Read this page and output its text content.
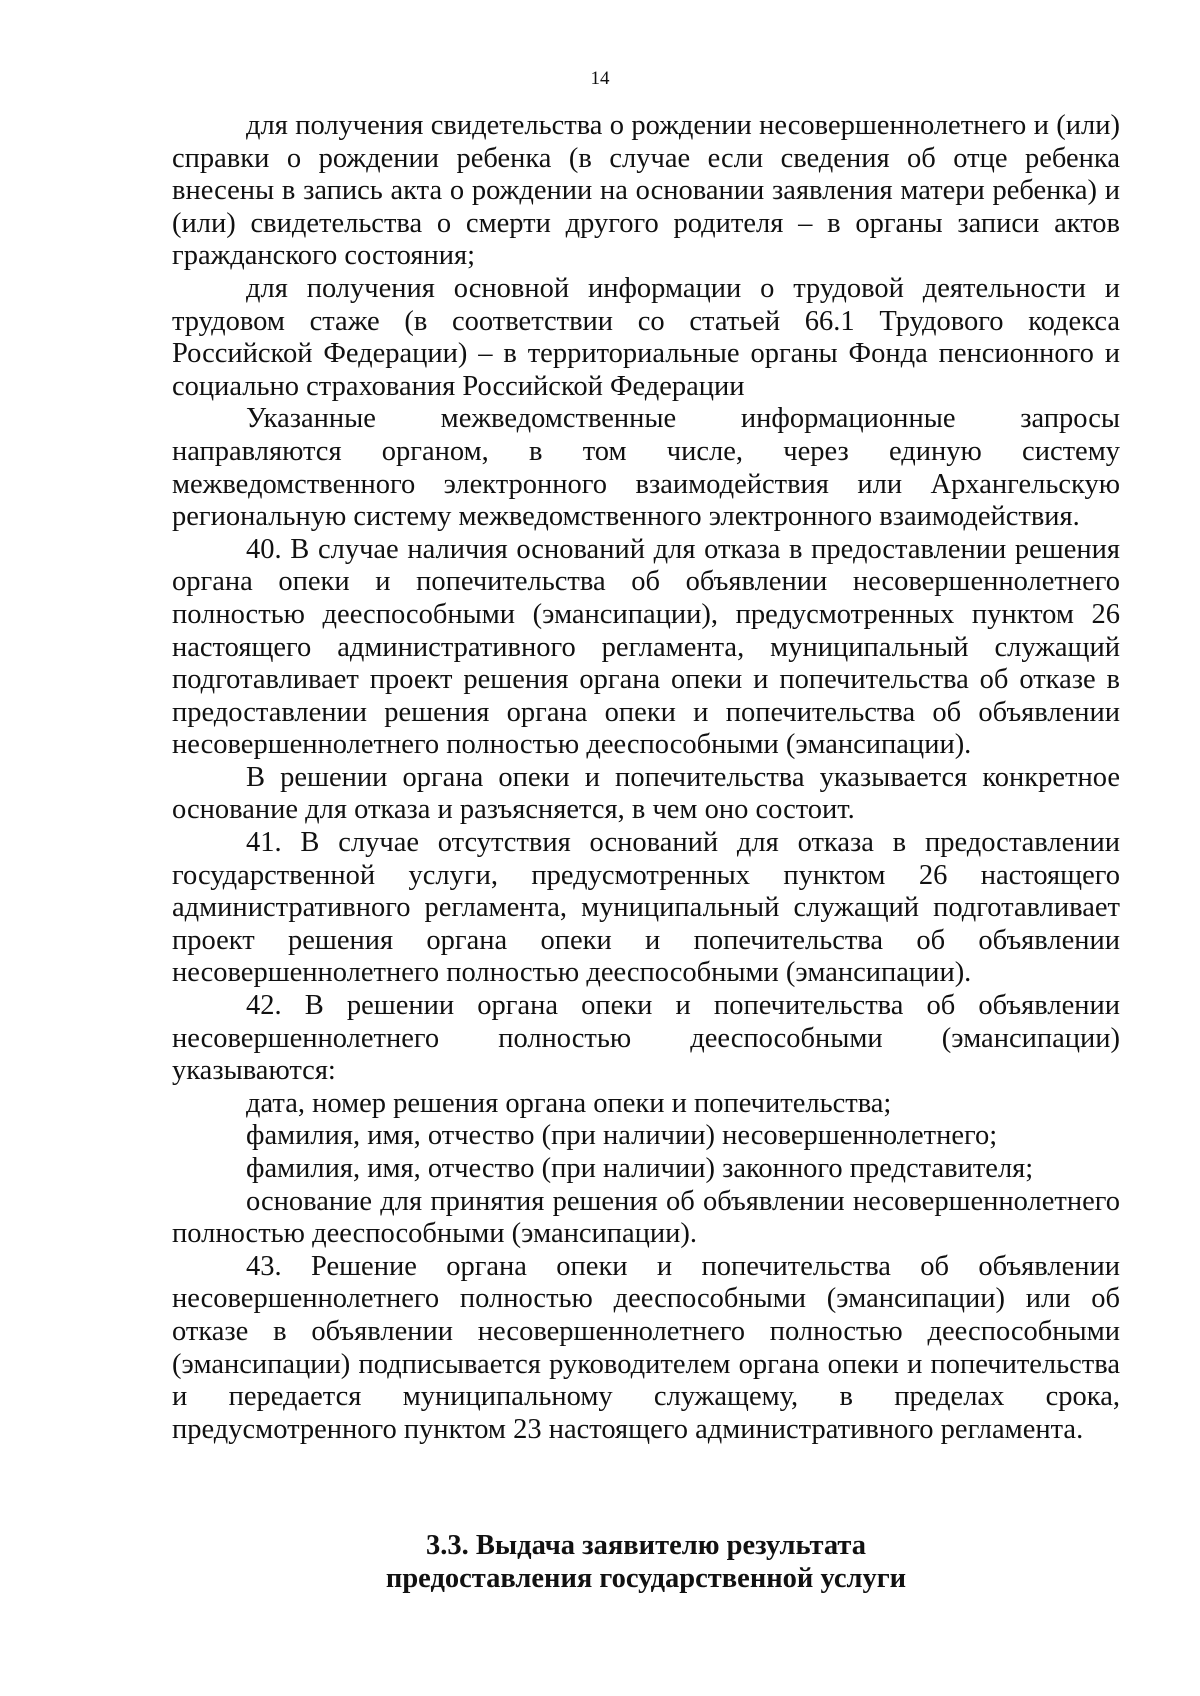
14

для получения свидетельства о рождении несовершеннолетнего и (или) справки о рождении ребенка (в случае если сведения об отце ребенка внесены в запись акта о рождении на основании заявления матери ребенка) и (или) свидетельства о смерти другого родителя – в органы записи актов гражданского состояния;

для получения основной информации о трудовой деятельности и трудовом стаже (в соответствии со статьей 66.1 Трудового кодекса Российской Федерации) – в территориальные органы Фонда пенсионного и социально страхования Российской Федерации

Указанные межведомственные информационные запросы направляются органом, в том числе, через единую систему межведомственного электронного взаимодействия или Архангельскую региональную систему межведомственного электронного взаимодействия.

40. В случае наличия оснований для отказа в предоставлении решения органа опеки и попечительства об объявлении несовершеннолетнего полностью дееспособными (эмансипации), предусмотренных пунктом 26 настоящего административного регламента, муниципальный служащий подготавливает проект решения органа опеки и попечительства об отказе в предоставлении решения органа опеки и попечительства об объявлении несовершеннолетнего полностью дееспособными (эмансипации).

В решении органа опеки и попечительства указывается конкретное основание для отказа и разъясняется, в чем оно состоит.

41. В случае отсутствия оснований для отказа в предоставлении государственной услуги, предусмотренных пунктом 26 настоящего административного регламента, муниципальный служащий подготавливает проект решения органа опеки и попечительства об объявлении несовершеннолетнего полностью дееспособными (эмансипации).

42. В решении органа опеки и попечительства об объявлении несовершеннолетнего полностью дееспособными (эмансипации) указываются:

дата, номер решения органа опеки и попечительства;

фамилия, имя, отчество (при наличии) несовершеннолетнего;

фамилия, имя, отчество (при наличии) законного представителя;

основание для принятия решения об объявлении несовершеннолетнего полностью дееспособными (эмансипации).

43. Решение органа опеки и попечительства об объявлении несовершеннолетнего полностью дееспособными (эмансипации) или об отказе в объявлении несовершеннолетнего полностью дееспособными (эмансипации) подписывается руководителем органа опеки и попечительства и передается муниципальному служащему, в пределах срока, предусмотренного пунктом 23 настоящего административного регламента.

3.3. Выдача заявителю результата
предоставления государственной услуги
